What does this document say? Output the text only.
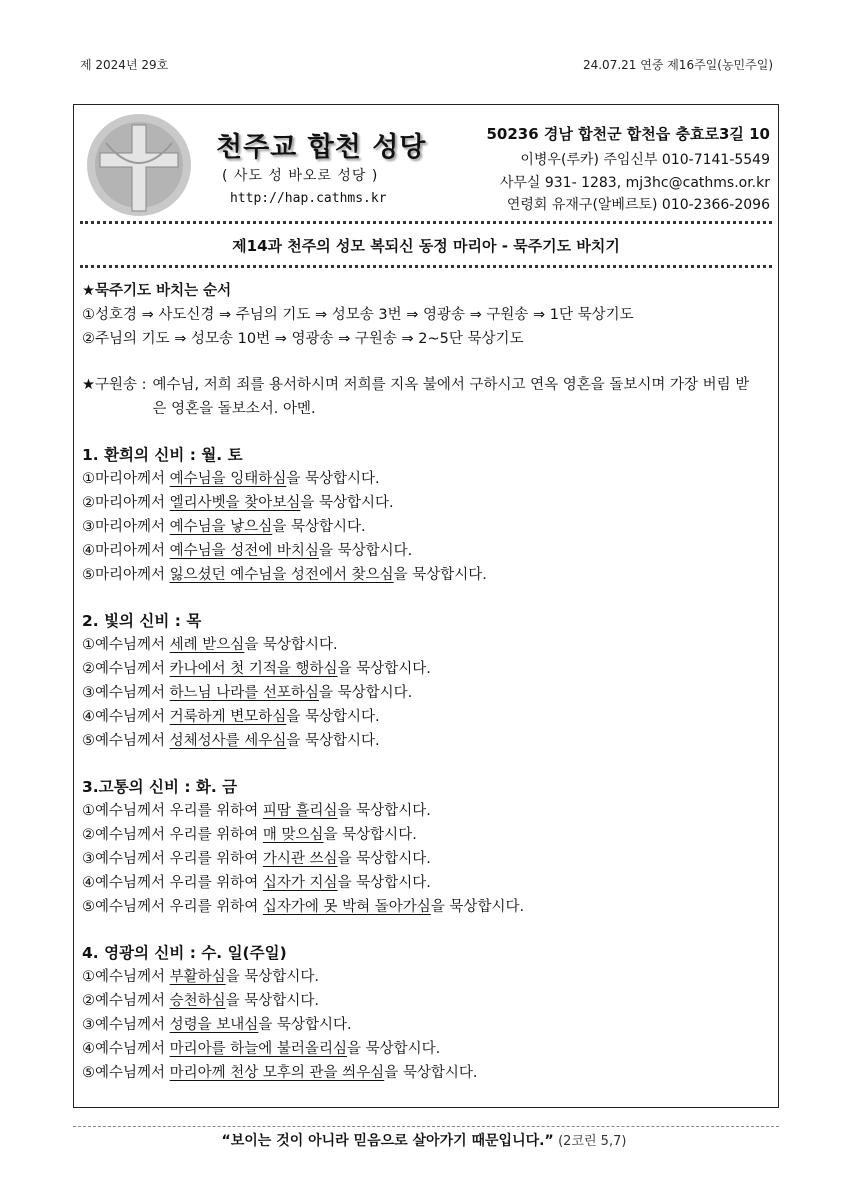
제 2024년 29호	24.07.21 연중 제16주일(농민주일)
천주교 합천 성당
( 사도 성 바오로 성당 )
http://hap.cathms.kr
50236 경남 합천군 합천읍 충효로3길 10
이병우(루카) 주임신부 010-7141-5549
사무실 931- 1283, mj3hc@cathms.or.kr
연령회 유재구(알베르토) 010-2366-2096
제14과 천주의 성모 복되신 동정 마리아 - 묵주기도 바치기
★묵주기도 바치는 순서
①성호경 ⇒ 사도신경 ⇒ 주님의 기도 ⇒ 성모송 3번 ⇒ 영광송 ⇒ 구원송 ⇒ 1단 묵상기도
②주님의 기도 ⇒ 성모송 10번 ⇒ 영광송 ⇒ 구원송 ⇒ 2~5단 묵상기도
★구원송 : 예수님, 저희 죄를 용서하시며 저희를 지옥 불에서 구하시고 연옥 영혼을 돌보시며 가장 버림 받은 영혼을 돌보소서. 아멘.
1. 환희의 신비 : 월. 토
①마리아께서 예수님을 잉태하심을 묵상합시다.
②마리아께서 엘리사벳을 찾아보심을 묵상합시다.
③마리아께서 예수님을 낳으심을 묵상합시다.
④마리아께서 예수님을 성전에 바치심을 묵상합시다.
⑤마리아께서 잃으셨던 예수님을 성전에서 찾으심을 묵상합시다.
2. 빛의 신비 : 목
①예수님께서 세례 받으심을 묵상합시다.
②예수님께서 카나에서 첫 기적을 행하심을 묵상합시다.
③예수님께서 하느님 나라를 선포하심을 묵상합시다.
④예수님께서 거룩하게 변모하심을 묵상합시다.
⑤예수님께서 성체성사를 세우심을 묵상합시다.
3.고통의 신비 : 화. 금
①예수님께서 우리를 위하여 피땀 흘리심을 묵상합시다.
②예수님께서 우리를 위하여 매 맞으심을 묵상합시다.
③예수님께서 우리를 위하여 가시관 쓰심을 묵상합시다.
④예수님께서 우리를 위하여 십자가 지심을 묵상합시다.
⑤예수님께서 우리를 위하여 십자가에 못 박혀 돌아가심을 묵상합시다.
4. 영광의 신비 : 수. 일(주일)
①예수님께서 부활하심을 묵상합시다.
②예수님께서 승천하심을 묵상합시다.
③예수님께서 성령을 보내심을 묵상합시다.
④예수님께서 마리아를 하늘에 불러올리심을 묵상합시다.
⑤예수님께서 마리아께 천상 모후의 관을 씌우심을 묵상합시다.
“보이는 것이 아니라 믿음으로 살아가기 때문입니다.” (2코린 5,7)
